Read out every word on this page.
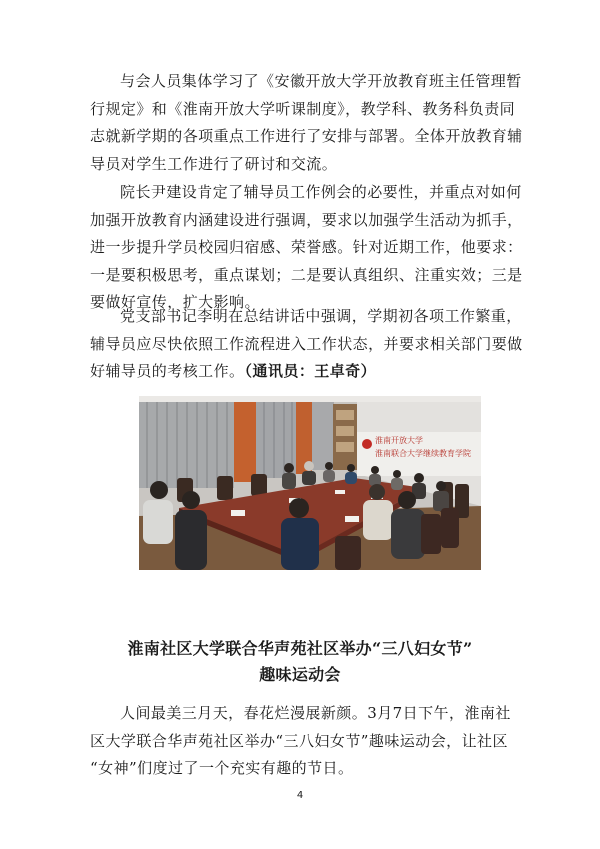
与会人员集体学习了《安徽开放大学开放教育班主任管理暂
行规定》和《淮南开放大学听课制度》，教学科、教务科负责同
志就新学期的各项重点工作进行了安排与部署。全体开放教育辅
导员对学生工作进行了研讨和交流。

院长尹建设肯定了辅导员工作例会的必要性，并重点对如何
加强开放教育内涵建设进行强调，要求以加强学生活动为抓手，
进一步提升学员校园归宿感、荣誉感。针对近期工作，他要求：
一是要积极思考，重点谋划；二是要认真组织、注重实效；三是
要做好宣传，扩大影响。

党支部书记李明在总结讲话中强调，学期初各项工作繁重，
辅导员应尽快依照工作流程进入工作状态，并要求相关部门要做
好辅导员的考核工作。（通讯员：王卓奇）

淮南开放大学
淮南联合大学继续教育学院
淮南社区大学联合华声苑社区举办“三八妇女节”
趣味运动会

人间最美三月天，春花烂漫展新颜。3月7日下午，淮南社
区大学联合华声苑社区举办“三八妇女节”趣味运动会，让社区
“女神”们度过了一个充实有趣的节日。

4
